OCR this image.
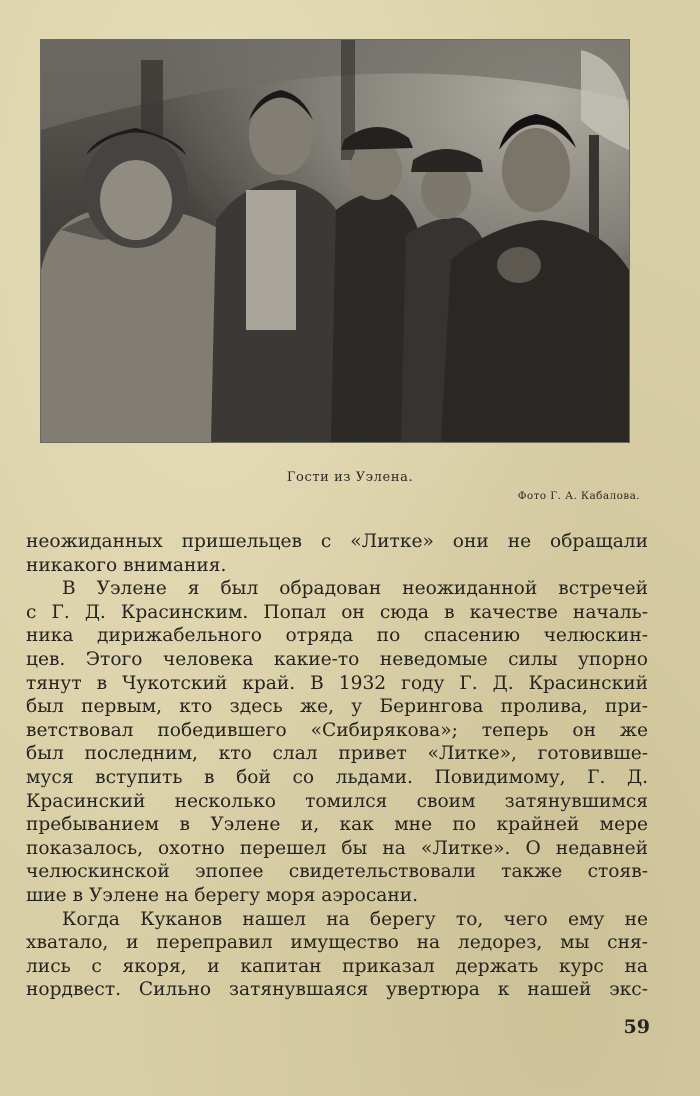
Гости из Уэлена.

Фото Г. А. Кабалова.

неожиданных пришельцев с «Литке» они не обращали
никакого внимания.
В Уэлене я был обрадован неожиданной встречей
с Г. Д. Красинским. Попал он сюда в качестве началь-
ника дирижабельного отряда по спасению челюскин-
цев. Этого человека какие-то неведомые силы упорно
тянут в Чукотский край. В 1932 году Г. Д. Красинский
был первым, кто здесь же, у Берингова пролива, при-
ветствовал победившего «Сибирякова»; теперь он же
был последним, кто слал привет «Литке», готовивше-
муся вступить в бой со льдами. Повидимому, Г. Д.
Красинский несколько томился своим затянувшимся
пребыванием в Уэлене и, как мне по крайней мере
показалось, охотно перешел бы на «Литке». О недавней
челюскинской эпопее свидетельствовали также стояв-
шие в Уэлене на берегу моря аэросани.
Когда Куканов нашел на берегу то, чего ему не
хватало, и переправил имущество на ледорез, мы сня-
лись с якоря, и капитан приказал держать курс на
нордвест. Сильно затянувшаяся увертюра к нашей экс-

59
